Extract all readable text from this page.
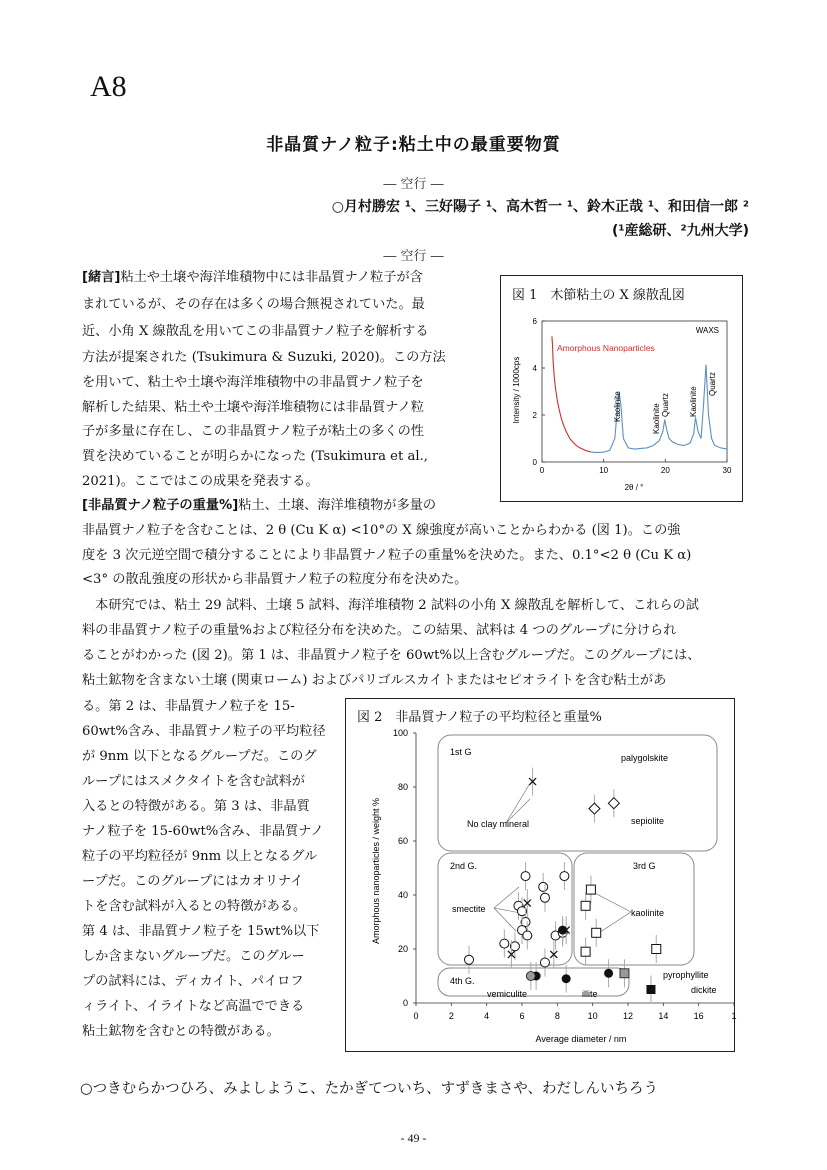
A8
非晶質ナノ粒子:粘土中の最重要物質
― 空行 ―
○月村勝宏 ¹、三好陽子 ¹、高木哲一 ¹、鈴木正哉 ¹、和田信一郎 ²
(¹産総研、²九州大学)
― 空行 ―
[緒言]粘土や土壌や海洋堆積物中には非晶質ナノ粒子が含
まれているが、その存在は多くの場合無視されていた。最
近、小角 X 線散乱を用いてこの非晶質ナノ粒子を解析する
方法が提案された (Tsukimura & Suzuki, 2020)。この方法
を用いて、粘土や土壌や海洋堆積物中の非晶質ナノ粒子を
解析した結果、粘土や土壌や海洋堆積物には非晶質ナノ粒
子が多量に存在し、この非晶質ナノ粒子が粘土の多くの性
質を決めていることが明らかになった (Tsukimura et al.,
2021)。ここではこの成果を発表する。
[非晶質ナノ粒子の重量%]粘土、土壌、海洋堆積物が多量の
非晶質ナノ粒子を含むことは、2 θ (Cu K α) <10°の X 線強度が高いことからわかる (図 1)。この強
度を 3 次元逆空間で積分することにより非晶質ナノ粒子の重量%を決めた。また、0.1°<2 θ (Cu K α)
<3° の散乱強度の形状から非晶質ナノ粒子の粒度分布を決めた。
　本研究では、粘土 29 試料、土壌 5 試料、海洋堆積物 2 試料の小角 X 線散乱を解析して、これらの試
料の非晶質ナノ粒子の重量%および粒径分布を決めた。この結果、試料は 4 つのグループに分けられ
ることがわかった (図 2)。第 1 は、非晶質ナノ粒子を 60wt%以上含むグループだ。このグループには、
粘土鉱物を含まない土壌 (関東ローム) およびパリゴルスカイトまたはセピオライトを含む粘土があ
る。第 2 は、非晶質ナノ粒子を 15-
60wt%含み、非晶質ナノ粒子の平均粒径
が 9nm 以下となるグループだ。このグ
ループにはスメクタイトを含む試料が
入るとの特徴がある。第 3 は、非晶質
ナノ粒子を 15-60wt%含み、非晶質ナノ
粒子の平均粒径が 9nm 以上となるグル
ープだ。このグループにはカオリナイ
トを含む試料が入るとの特徴がある。
第 4 は、非晶質ナノ粒子を 15wt%以下
しか含まないグループだ。このグルー
プの試料には、ディカイト、パイロフ
ィライト、イライトなど高温でできる
粘土鉱物を含むとの特徴がある。
図 1　木節粘土の X 線散乱図
0	10	20	30
0
2
4
6
WAXS
Amorphous Nanoparticles
Kaolinite	Quartz
Kaolinite
Kaolinite
Quartz
Intensity / 1000cps
2θ / °
図 2　非晶質ナノ粒子の平均粒径と重量%
0	2	4	6	8	10	12	14	16	1
0
20
40
60
80
100
1st G
2nd G.	3rd G
4th G.
palygolskite
No clay mineral	sepiolite
smectite	kaolinite
pyrophyllite
dickite
vemiculite	illite
Amorphous nanoparticles / weight %
Average diameter / nm
○つきむらかつひろ、みよしようこ、たかぎてついち、すずきまさや、わだしんいちろう
- 49 -
